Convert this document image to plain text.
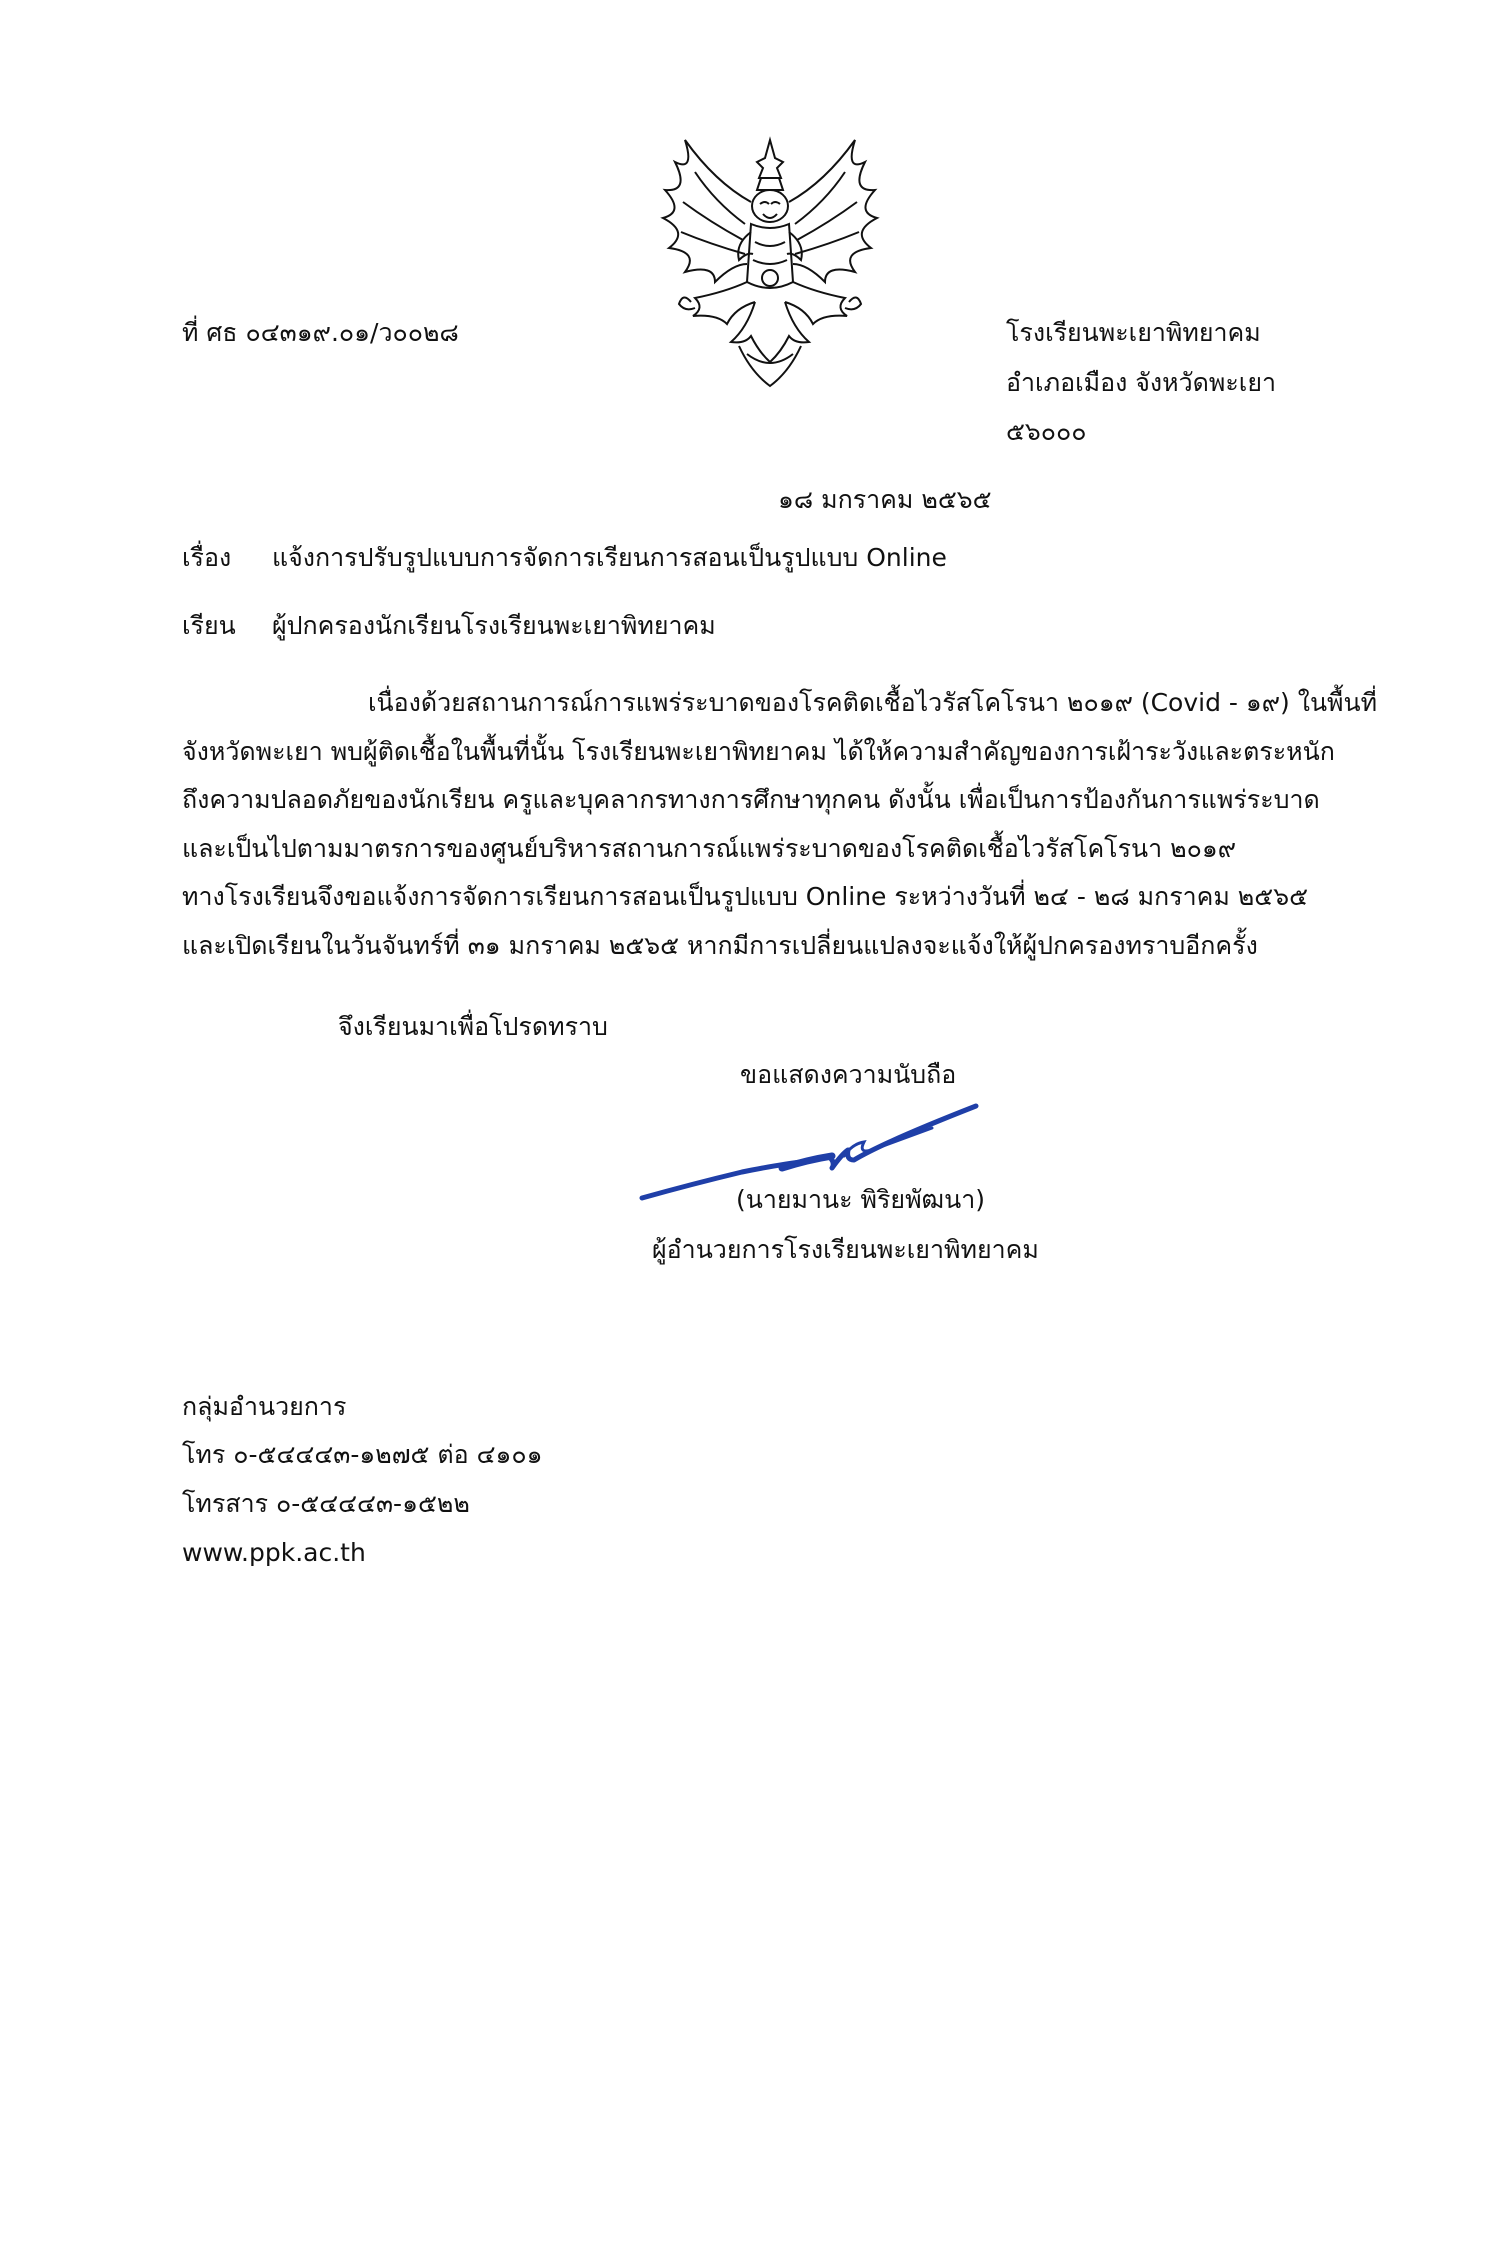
ที่ ศธ ๐๔๓๑๙.๐๑/ว๐๐๒๘	โรงเรียนพะเยาพิทยาคม
อำเภอเมือง จังหวัดพะเยา
๕๖๐๐๐
๑๘ มกราคม ๒๕๖๕
เรื่อง แจ้งการปรับรูปแบบการจัดการเรียนการสอนเป็นรูปแบบ Online
เรียน ผู้ปกครองนักเรียนโรงเรียนพะเยาพิทยาคม
เนื่องด้วยสถานการณ์การแพร่ระบาดของโรคติดเชื้อไวรัสโคโรนา ๒๐๑๙ (Covid - ๑๙) ในพื้นที่
จังหวัดพะเยา พบผู้ติดเชื้อในพื้นที่นั้น โรงเรียนพะเยาพิทยาคม ได้ให้ความสำคัญของการเฝ้าระวังและตระหนัก
ถึงความปลอดภัยของนักเรียน ครูและบุคลากรทางการศึกษาทุกคน ดังนั้น เพื่อเป็นการป้องกันการแพร่ระบาด
และเป็นไปตามมาตรการของศูนย์บริหารสถานการณ์แพร่ระบาดของโรคติดเชื้อไวรัสโคโรนา ๒๐๑๙
ทางโรงเรียนจึงขอแจ้งการจัดการเรียนการสอนเป็นรูปแบบ Online ระหว่างวันที่ ๒๔ - ๒๘ มกราคม ๒๕๖๕
และเปิดเรียนในวันจันทร์ที่ ๓๑ มกราคม ๒๕๖๕ หากมีการเปลี่ยนแปลงจะแจ้งให้ผู้ปกครองทราบอีกครั้ง
จึงเรียนมาเพื่อโปรดทราบ
ขอแสดงความนับถือ
(นายมานะ พิริยพัฒนา)
ผู้อำนวยการโรงเรียนพะเยาพิทยาคม
กลุ่มอำนวยการ
โทร ๐-๕๔๔๔๓-๑๒๗๕ ต่อ ๔๑๐๑
โทรสาร ๐-๕๔๔๔๓-๑๕๒๒
www.ppk.ac.th
